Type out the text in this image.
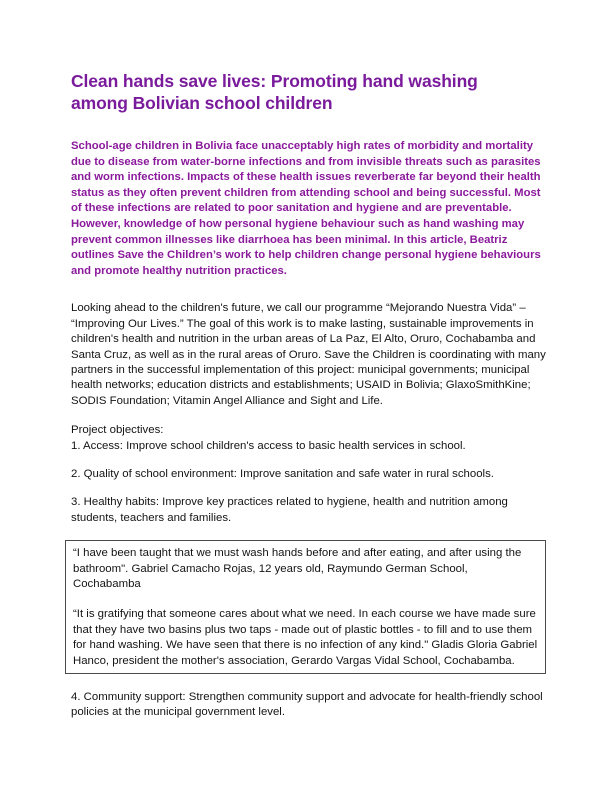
Clean hands save lives: Promoting hand washing among Bolivian school children

School-age children in Bolivia face unacceptably high rates of morbidity and mortality due to disease from water-borne infections and from invisible threats such as parasites and worm infections. Impacts of these health issues reverberate far beyond their health status as they often prevent children from attending school and being successful. Most of these infections are related to poor sanitation and hygiene and are preventable. However, knowledge of how personal hygiene behaviour such as hand washing may prevent common illnesses like diarrhoea has been minimal. In this article, Beatriz outlines Save the Children’s work to help children change personal hygiene behaviours and promote healthy nutrition practices.

Looking ahead to the children's future, we call our programme “Mejorando Nuestra Vida” – “Improving Our Lives.” The goal of this work is to make lasting, sustainable improvements in children's health and nutrition in the urban areas of La Paz, El Alto, Oruro, Cochabamba and Santa Cruz, as well as in the rural areas of Oruro. Save the Children is coordinating with many partners in the successful implementation of this project: municipal governments; municipal health networks; education districts and establishments; USAID in Bolivia; GlaxoSmithKine; SODIS Foundation; Vitamin Angel Alliance and Sight and Life.

Project objectives:

1. Access: Improve school children's access to basic health services in school.

2. Quality of school environment: Improve sanitation and safe water in rural schools.

3. Healthy habits: Improve key practices related to hygiene, health and nutrition among students, teachers and families.

“I have been taught that we must wash hands before and after eating, and after using the bathroom". Gabriel Camacho Rojas, 12 years old, Raymundo German School, Cochabamba

“It is gratifying that someone cares about what we need. In each course we have made sure that they have two basins plus two taps - made out of plastic bottles - to fill and to use them for hand washing. We have seen that there is no infection of any kind." Gladis Gloria Gabriel Hanco, president the mother's association, Gerardo Vargas Vidal School, Cochabamba.

4. Community support: Strengthen community support and advocate for health-friendly school policies at the municipal government level.
